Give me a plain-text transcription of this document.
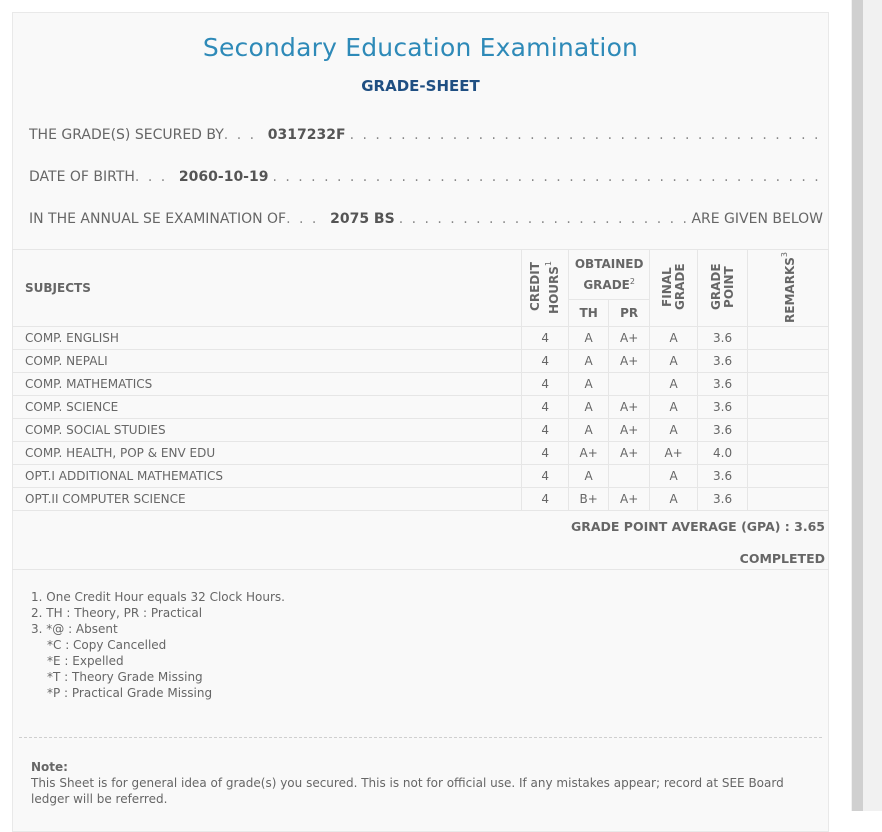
Secondary Education Examination
GRADE-SHEET
THE GRADE(S) SECURED BY . . .	0317232F
. . .
DATE OF BIRTH . . .	2060-10-19
. . .
IN THE ANNUAL SE EXAMINATION OF . . .	2075 BS . . .	ARE GIVEN BELOW
SUBJECTS	CREDIT HOURS$^1$	OBTAINED GRADE$^2$		FINAL GRADE	GRADE POINT	REMARKS$^3$
		TH	PR			
COMP. ENGLISH	4	A	A+	A	3.6	
COMP. NEPALI	4	A	A+	A	3.6	
COMP. MATHEMATICS	4	A		A	3.6	
COMP. SCIENCE	4	A	A+	A	3.6	
COMP. SOCIAL STUDIES	4	A	A+	A	3.6	
COMP. HEALTH, POP & ENV EDU	4	A+	A+	A+	4.0	
OPT.I ADDITIONAL MATHEMATICS	4	A		A	3.6	
OPT.II COMPUTER SCIENCE	4	B+	A+	A	3.6	
GRADE POINT AVERAGE (GPA) : 3.65
COMPLETED
1. One Credit Hour equals 32 Clock Hours.
2. TH : Theory, PR : Practical
3. *@ : Absent
*C : Copy Cancelled
*E : Expelled
*T : Theory Grade Missing
*P : Practical Grade Missing
Note:
This Sheet is for general idea of grade(s) you secured. This is not for official use. If any mistakes appear; record at SEE Board ledger will be referred.
